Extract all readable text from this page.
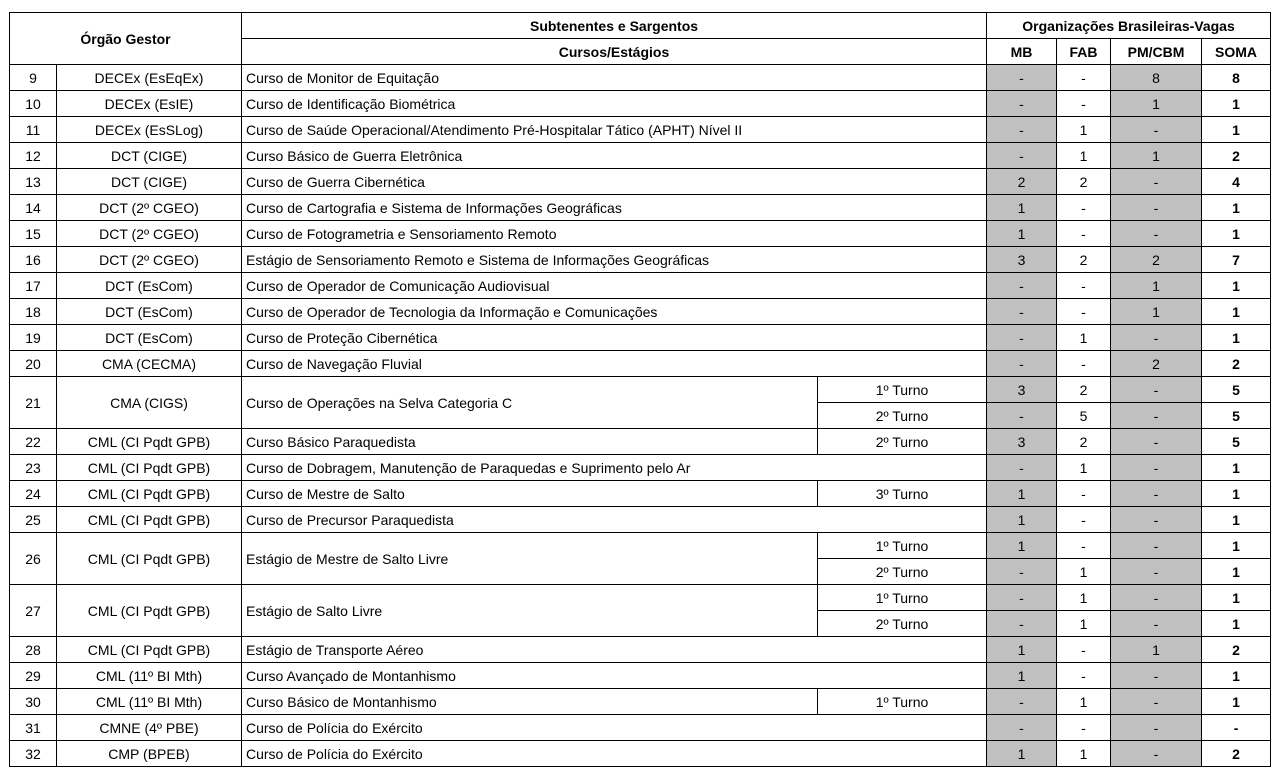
Órgão Gestor		Subtenentes e Sargentos		Organizações Brasileiras-Vagas			
		Cursos/Estágios		MB	FAB	PM/CBM	SOMA
9	DECEx (EsEqEx)	Curso de Monitor de Equitação		-	-	8	8
10	DECEx (EsIE)	Curso de Identificação Biométrica		-	-	1	1
11	DECEx (EsSLog)	Curso de Saúde Operacional/Atendimento Pré-Hospitalar Tático (APHT) Nível II		-	1	-	1
12	DCT (CIGE)	Curso Básico de Guerra Eletrônica		-	1	1	2
13	DCT (CIGE)	Curso de Guerra Cibernética		2	2	-	4
14	DCT (2º CGEO)	Curso de Cartografia e Sistema de Informações Geográficas		1	-	-	1
15	DCT (2º CGEO)	Curso de Fotogrametria e Sensoriamento Remoto		1	-	-	1
16	DCT (2º CGEO)	Estágio de Sensoriamento Remoto e Sistema de Informações Geográficas		3	2	2	7
17	DCT (EsCom)	Curso de Operador de Comunicação Audiovisual		-	-	1	1
18	DCT (EsCom)	Curso de Operador de Tecnologia da Informação e Comunicações		-	-	1	1
19	DCT (EsCom)	Curso de Proteção Cibernética		-	1	-	1
20	CMA (CECMA)	Curso de Navegação Fluvial		-	-	2	2
21	CMA (CIGS)	Curso de Operações na Selva Categoria C	1º Turno	3	2	-	5
			2º Turno	-	5	-	5
22	CML (CI Pqdt GPB)	Curso Básico Paraquedista	2º Turno	3	2	-	5
23	CML (CI Pqdt GPB)	Curso de Dobragem, Manutenção de Paraquedas e Suprimento pelo Ar		-	1	-	1
24	CML (CI Pqdt GPB)	Curso de Mestre de Salto	3º Turno	1	-	-	1
25	CML (CI Pqdt GPB)	Curso de Precursor Paraquedista		1	-	-	1
26	CML (CI Pqdt GPB)	Estágio de Mestre de Salto Livre	1º Turno	1	-	-	1
			2º Turno	-	1	-	1
27	CML (CI Pqdt GPB)	Estágio de Salto Livre	1º Turno	-	1	-	1
			2º Turno	-	1	-	1
28	CML (CI Pqdt GPB)	Estágio de Transporte Aéreo		1	-	1	2
29	CML (11º BI Mth)	Curso Avançado de Montanhismo		1	-	-	1
30	CML (11º BI Mth)	Curso Básico de Montanhismo	1º Turno	-	1	-	1
31	CMNE (4º PBE)	Curso de Polícia do Exército		-	-	-	-
32	CMP (BPEB)	Curso de Polícia do Exército		1	1	-	2
